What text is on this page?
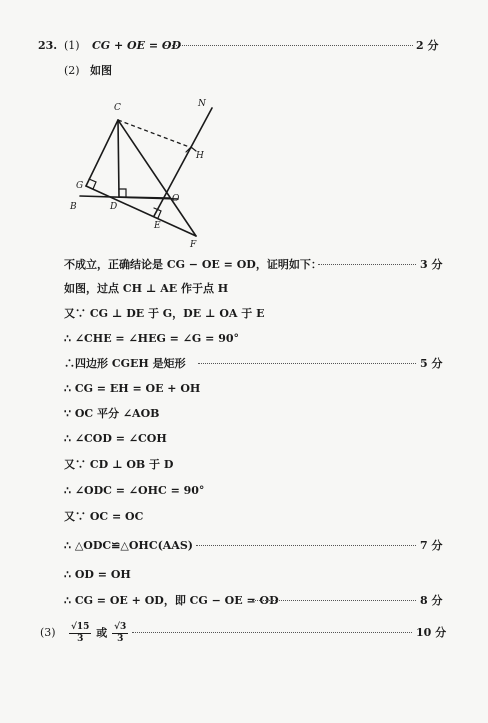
23. (1) CG + OE = OD	2 分
(2) 如图
C	N
H
G
B	D
O
E
F
不成立，正确结论是 CG − OE = OD，证明如下：	3 分
如图，过点 CH ⊥ AE 作于点 H
又∵ CG ⊥ DE 于 G，DE ⊥ OA 于 E
∴ ∠CHE = ∠HEG = ∠G = 90°
∴四边形 CGEH 是矩形	5 分
∴ CG = EH = OE + OH
∵ OC 平分 ∠AOB
∴ ∠COD = ∠COH
又∵ CD ⊥ OB 于 D
∴ ∠ODC = ∠OHC = 90°
又∵ OC = OC
∴ △ODC≌△OHC(AAS)	7 分
∴ OD = OH
∴ CG = OE + OD，即 CG − OE = OD	8 分
$(3) \frac{√15}{3}$ 或 $\frac{√3}{3}$	10 分
